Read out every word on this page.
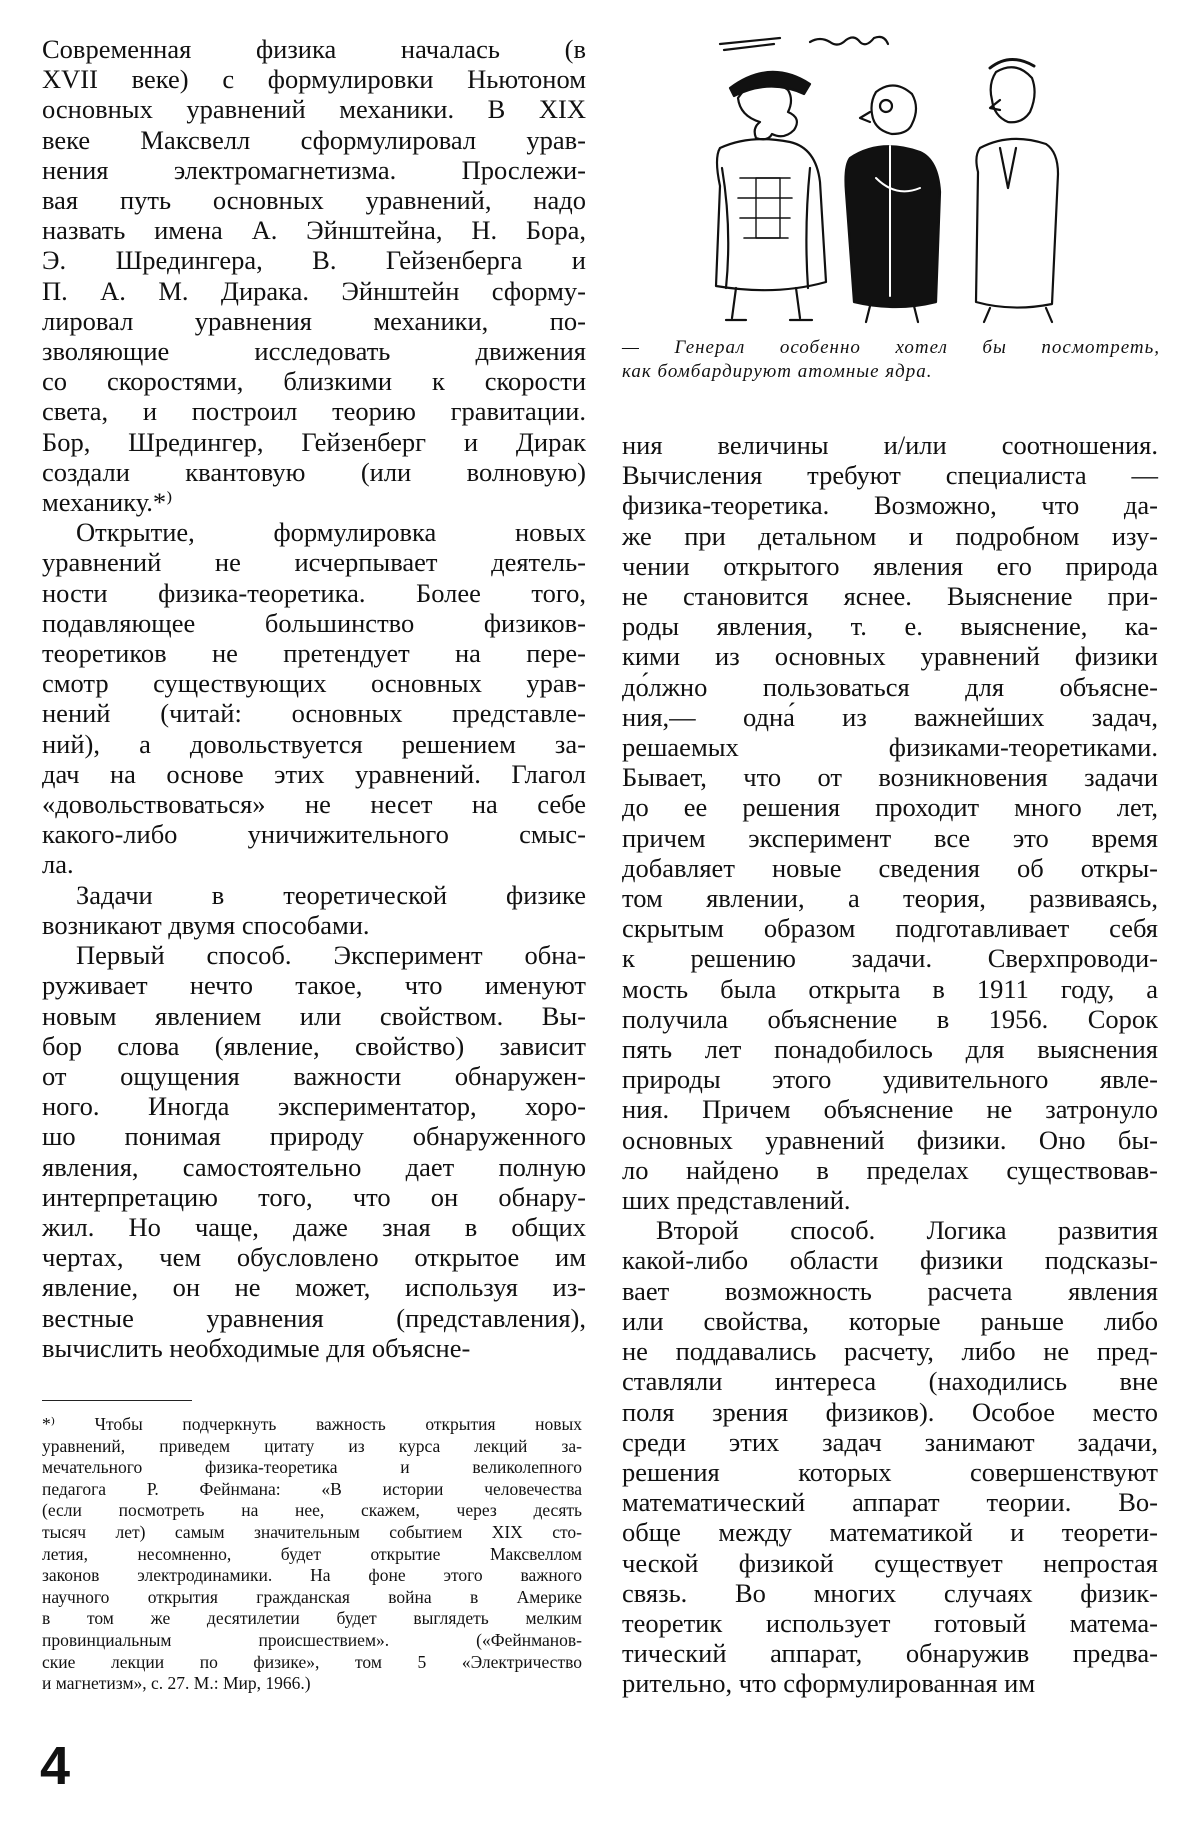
-Hand
— Генерал особенно хотел бы посмотреть,
как бомбардируют атомные ядра.

Современная физика началась (в
XVII веке) с формулировки Ньютоном
основных уравнений механики. В XIX
веке Максвелл сформулировал урав-
нения электромагнетизма. Прослежи-
вая путь основных уравнений, надо
назвать имена А. Эйнштейна, Н. Бора,
Э. Шредингера, В. Гейзенберга и
П. А. М. Дирака. Эйнштейн сформу-
лировал уравнения механики, по-
зволяющие исследовать движения
со скоростями, близкими к скорости
света, и построил теорию гравитации.
Бор, Шредингер, Гейзенберг и Дирак
создали квантовую (или волновую)
механику.*⁾

Открытие, формулировка новых
уравнений не исчерпывает деятель-
ности физика-теоретика. Более того,
подавляющее большинство физиков-
теоретиков не претендует на пере-
смотр существующих основных урав-
нений (читай: основных представле-
ний), а довольствуется решением за-
дач на основе этих уравнений. Глагол
«довольствоваться» не несет на себе
какого-либо уничижительного смыс-
ла.

Задачи в теоретической физике
возникают двумя способами.

Первый способ. Эксперимент обна-
руживает нечто такое, что именуют
новым явлением или свойством. Вы-
бор слова (явление, свойство) зависит
от ощущения важности обнаружен-
ного. Иногда экспериментатор, хоро-
шо понимая природу обнаруженного
явления, самостоятельно дает полную
интерпретацию того, что он обнару-
жил. Но чаще, даже зная в общих
чертах, чем обусловлено открытое им
явление, он не может, используя из-
вестные уравнения (представления),
вычислить необходимые для объясне-

ния величины и/или соотношения.
Вычисления требуют специалиста —
физика-теоретика. Возможно, что да-
же при детальном и подробном изу-
чении открытого явления его природа
не становится яснее. Выяснение при-
роды явления, т. е. выяснение, ка-
кими из основных уравнений физики
до́лжно пользоваться для объясне-
ния,— одна́ из важнейших задач,
решаемых физиками-теоретиками.
Бывает, что от возникновения задачи
до ее решения проходит много лет,
причем эксперимент все это время
добавляет новые сведения об откры-
том явлении, а теория, развиваясь,
скрытым образом подготавливает себя
к решению задачи. Сверхпроводи-
мость была открыта в 1911 году, а
получила объяснение в 1956. Сорок
пять лет понадобилось для выяснения
природы этого удивительного явле-
ния. Причем объяснение не затронуло
основных уравнений физики. Оно бы-
ло найдено в пределах существовав-
ших представлений.

Второй способ. Логика развития
какой-либо области физики подсказы-
вает возможность расчета явления
или свойства, которые раньше либо
не поддавались расчету, либо не пред-
ставляли интереса (находились вне
поля зрения физиков). Особое место
среди этих задач занимают задачи,
решения которых совершенствуют
математический аппарат теории. Во-
обще между математикой и теорети-
ческой физикой существует непростая
связь. Во многих случаях физик-
теоретик использует готовый матема-
тический аппарат, обнаружив предва-
рительно, что сформулированная им

*⁾ Чтобы подчеркнуть важность открытия новых
уравнений, приведем цитату из курса лекций за-
мечательного физика-теоретика и великолепного
педагога Р. Фейнмана: «В истории человечества
(если посмотреть на нее, скажем, через десять
тысяч лет) самым значительным событием XIX сто-
летия, несомненно, будет открытие Максвеллом
законов электродинамики. На фоне этого важного
научного открытия гражданская война в Америке
в том же десятилетии будет выглядеть мелким
провинциальным происшествием». («Фейнманов-
ские лекции по физике», том 5 «Электричество
и магнетизм», с. 27. М.: Мир, 1966.)
4
